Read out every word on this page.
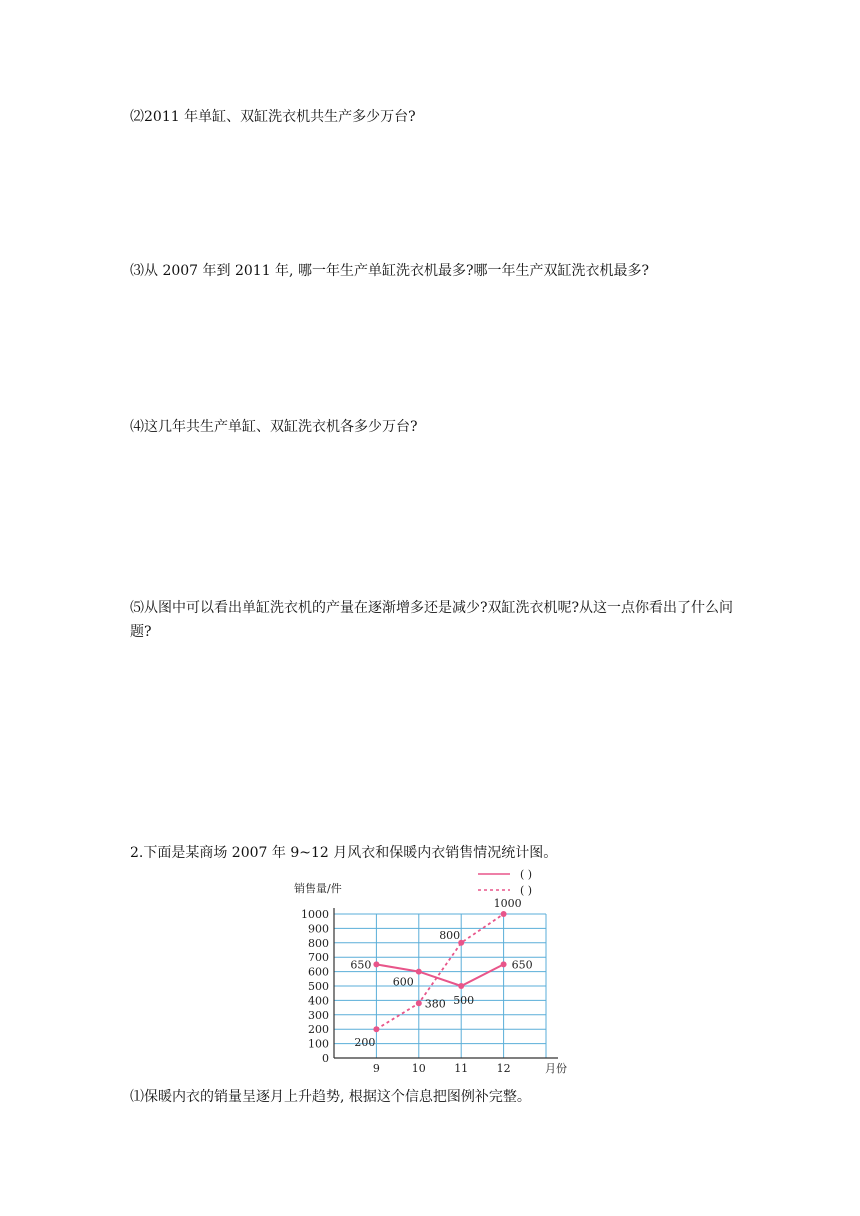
⑵2011 年单缸、双缸洗衣机共生产多少万台?

⑶从 2007 年到 2011 年, 哪一年生产单缸洗衣机最多?哪一年生产双缸洗衣机最多?

⑷这几年共生产单缸、双缸洗衣机各多少万台?

⑸从图中可以看出单缸洗衣机的产量在逐渐增多还是减少?双缸洗衣机呢?从这一点你看出了什么问题?

2.下面是某商场 2007 年 9~12 月风衣和保暖内衣销售情况统计图。

0
100
200
300
400
500
600
700
800
900
1000
9	10	11	12	月份
销售量/件
( )
( )
650
600
500
650
200
380
800
1000

⑴保暖内衣的销量呈逐月上升趋势, 根据这个信息把图例补完整。
